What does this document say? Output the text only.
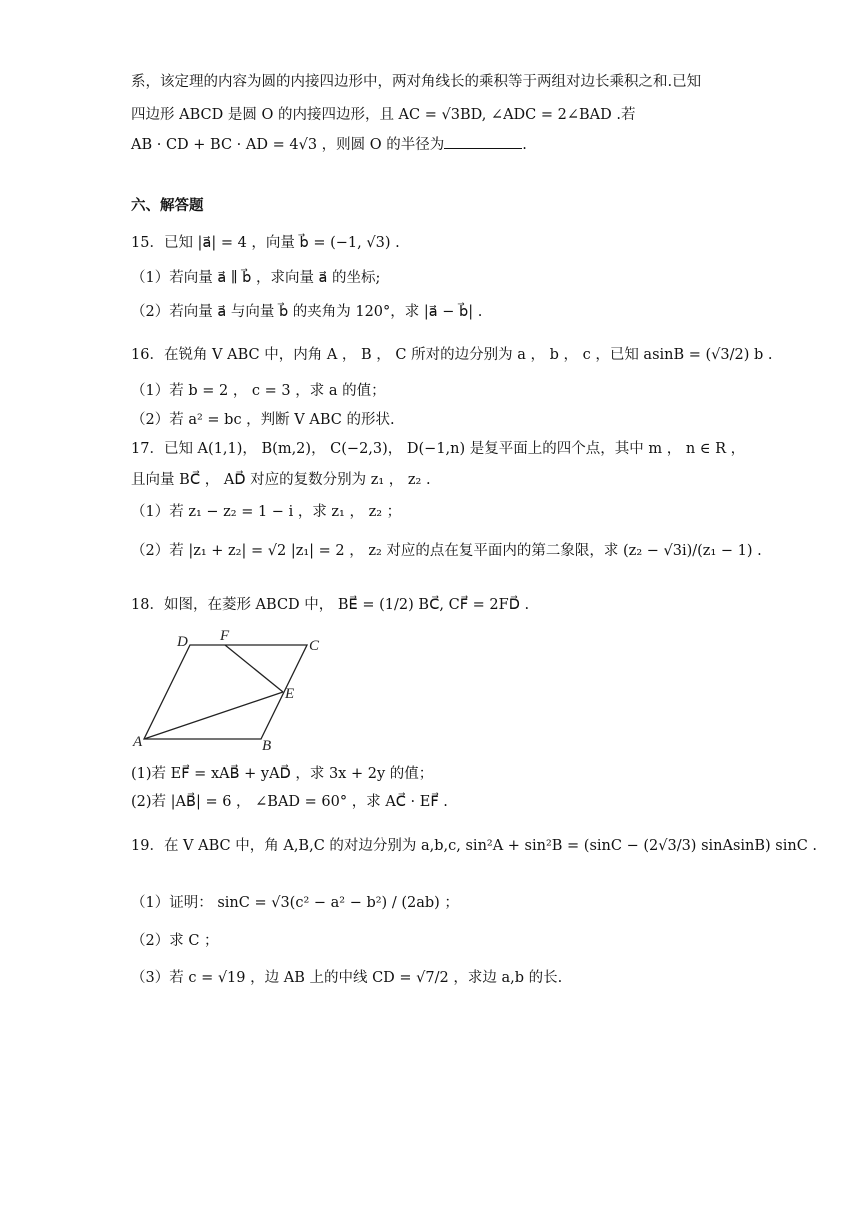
系，该定理的内容为圆的内接四边形中，两对角线长的乘积等于两组对边长乘积之和.已知
四边形 ABCD 是圆 O 的内接四边形，且 AC = √3BD, ∠ADC = 2∠BAD .若
AB · CD + BC · AD = 4√3 ，则圆 O 的半径为	.
六、解答题
15．已知 |a⃗| = 4 ，向量 b⃗ = (−1, √3) .
（1）若向量 a⃗ ∥ b⃗ ，求向量 a⃗ 的坐标;
（2）若向量 a⃗ 与向量 b⃗ 的夹角为 120°，求 |a⃗ − b⃗| .
16．在锐角 V ABC 中，内角 A ， B ， C 所对的边分别为 a ， b ， c ，已知 asinB = (√3/2) b .
（1）若 b = 2 ， c = 3 ，求 a 的值；
（2）若 a² = bc ，判断 V ABC 的形状.
17．已知 A(1,1)， B(m,2)， C(−2,3)， D(−1,n) 是复平面上的四个点，其中 m ， n ∈ R ，
且向量 BC⃗ ， AD⃗ 对应的复数分别为 z₁ ， z₂ .
（1）若 z₁ − z₂ = 1 − i ，求 z₁ ， z₂ ；
（2）若 |z₁ + z₂| = √2 |z₁| = 2 ， z₂ 对应的点在复平面内的第二象限，求 (z₂ − √3i)/(z₁ − 1) .
18．如图，在菱形 ABCD 中， BE⃗ = (1/2) BC⃗, CF⃗ = 2FD⃗ .
(1)若 EF⃗ = xAB⃗ + yAD⃗ ，求 3x + 2y 的值；
(2)若 |AB⃗| = 6 ， ∠BAD = 60° ，求 AC⃗ · EF⃗ .
19．在 V ABC 中，角 A,B,C 的对边分别为 a,b,c, sin²A + sin²B = (sinC − (2√3/3) sinAsinB) sinC .
（1）证明： sinC = √3(c² − a² − b²) / (2ab) ；
（2）求 C ；
（3）若 c = √19 ，边 AB 上的中线 CD = √7/2 ，求边 a,b 的长.
A	B
C
D
E
F
